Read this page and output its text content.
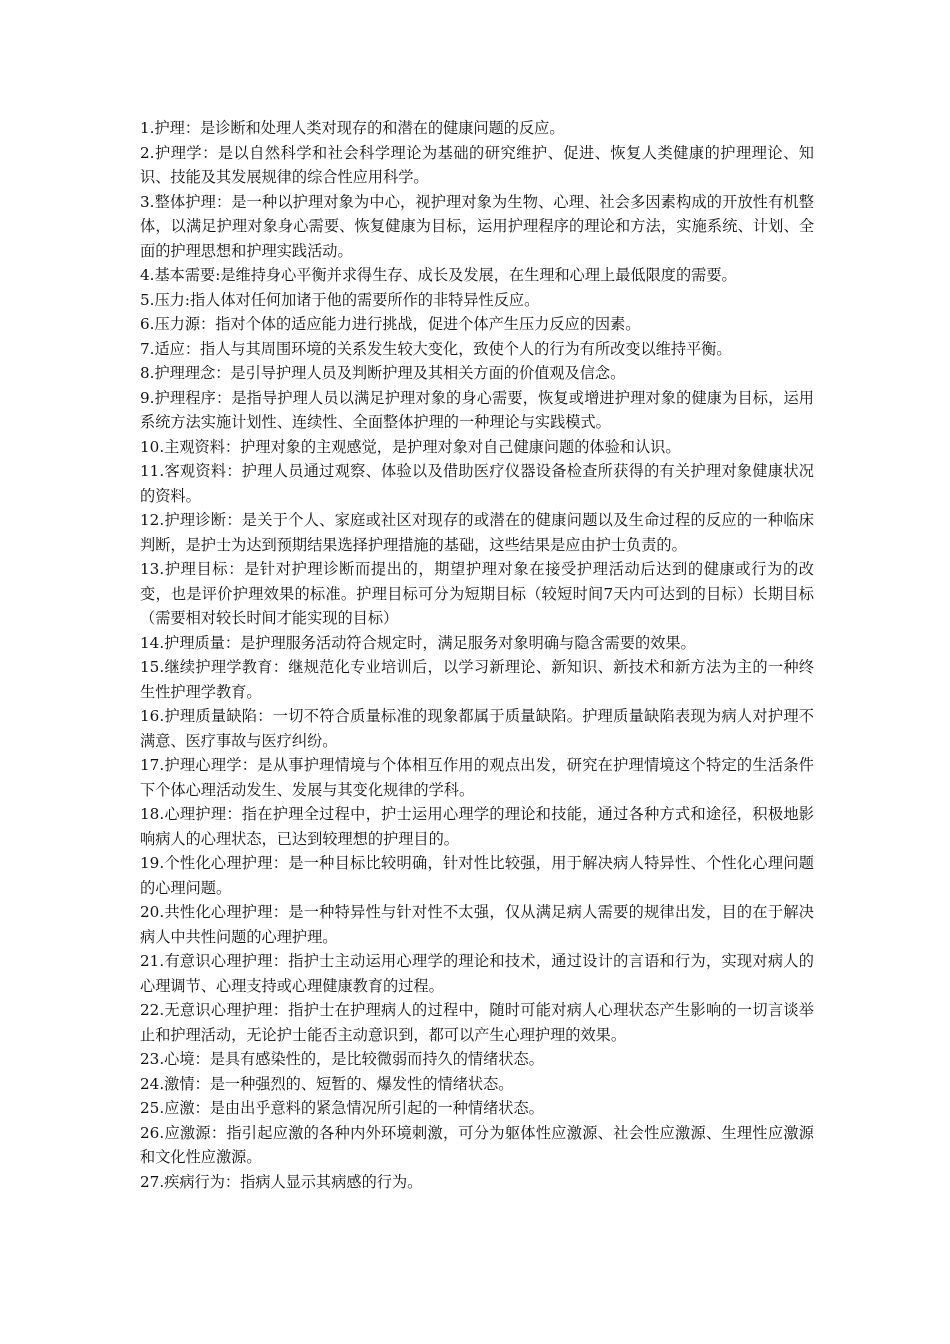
1.护理：是诊断和处理人类对现存的和潜在的健康问题的反应。

2.护理学：是以自然科学和社会科学理论为基础的研究维护、促进、恢复人类健康的护理理论、知识、技能及其发展规律的综合性应用科学。

3.整体护理：是一种以护理对象为中心，视护理对象为生物、心理、社会多因素构成的开放性有机整体，以满足护理对象身心需要、恢复健康为目标，运用护理程序的理论和方法，实施系统、计划、全面的护理思想和护理实践活动。

4.基本需要:是维持身心平衡并求得生存、成长及发展，在生理和心理上最低限度的需要。

5.压力:指人体对任何加诸于他的需要所作的非特异性反应。

6.压力源：指对个体的适应能力进行挑战，促进个体产生压力反应的因素。

7.适应：指人与其周围环境的关系发生较大变化，致使个人的行为有所改变以维持平衡。

8.护理理念：是引导护理人员及判断护理及其相关方面的价值观及信念。

9.护理程序：是指导护理人员以满足护理对象的身心需要，恢复或增进护理对象的健康为目标，运用系统方法实施计划性、连续性、全面整体护理的一种理论与实践模式。

10.主观资料：护理对象的主观感觉，是护理对象对自己健康问题的体验和认识。

11.客观资料：护理人员通过观察、体验以及借助医疗仪器设备检查所获得的有关护理对象健康状况的资料。

12.护理诊断：是关于个人、家庭或社区对现存的或潜在的健康问题以及生命过程的反应的一种临床判断，是护士为达到预期结果选择护理措施的基础，这些结果是应由护士负责的。

13.护理目标：是针对护理诊断而提出的，期望护理对象在接受护理活动后达到的健康或行为的改变，也是评价护理效果的标准。护理目标可分为短期目标（较短时间7天内可达到的目标）长期目标（需要相对较长时间才能实现的目标）

14.护理质量：是护理服务活动符合规定时，满足服务对象明确与隐含需要的效果。

15.继续护理学教育：继规范化专业培训后，以学习新理论、新知识、新技术和新方法为主的一种终生性护理学教育。

16.护理质量缺陷：一切不符合质量标准的现象都属于质量缺陷。护理质量缺陷表现为病人对护理不满意、医疗事故与医疗纠纷。

17.护理心理学：是从事护理情境与个体相互作用的观点出发，研究在护理情境这个特定的生活条件下个体心理活动发生、发展与其变化规律的学科。

18.心理护理：指在护理全过程中，护士运用心理学的理论和技能，通过各种方式和途径，积极地影响病人的心理状态，已达到较理想的护理目的。

19.个性化心理护理：是一种目标比较明确，针对性比较强，用于解决病人特异性、个性化心理问题的心理问题。

20.共性化心理护理：是一种特异性与针对性不太强，仅从满足病人需要的规律出发，目的在于解决病人中共性问题的心理护理。

21.有意识心理护理：指护士主动运用心理学的理论和技术，通过设计的言语和行为，实现对病人的心理调节、心理支持或心理健康教育的过程。

22.无意识心理护理：指护士在护理病人的过程中，随时可能对病人心理状态产生影响的一切言谈举止和护理活动，无论护士能否主动意识到，都可以产生心理护理的效果。

23.心境：是具有感染性的，是比较微弱而持久的情绪状态。

24.激情：是一种强烈的、短暂的、爆发性的情绪状态。

25.应激：是由出乎意料的紧急情况所引起的一种情绪状态。

26.应激源：指引起应激的各种内外环境刺激，可分为躯体性应激源、社会性应激源、生理性应激源和文化性应激源。

27.疾病行为：指病人显示其病感的行为。
